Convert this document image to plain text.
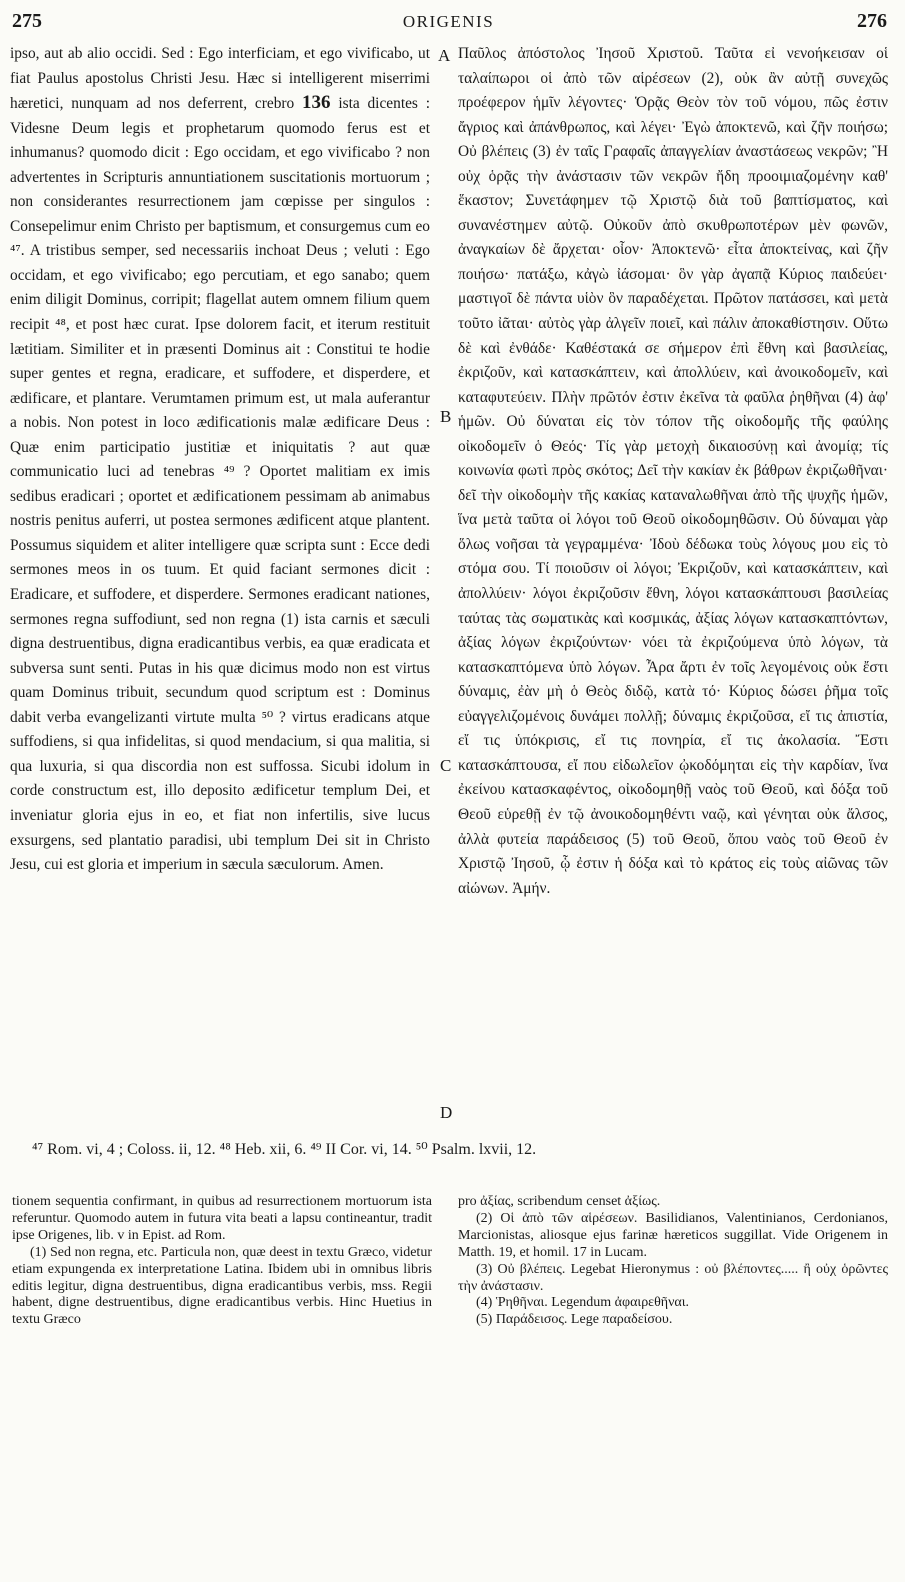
275	ORIGENIS	276

ipso, aut ab alio occidi. Sed : Ego interficiam, et ego vivificabo, ut fiat Paulus apostolus Christi Jesu. Hæc si intelligerent miserrimi hæretici, nunquam ad nos deferrent, crebro 136 ista dicentes : Videsne Deum legis et prophetarum quomodo ferus est et inhumanus? quomodo dicit : Ego occidam, et ego vivificabo ? non advertentes in Scripturis annuntiationem suscitationis mortuorum ; non considerantes resurrectionem jam cœpisse per singulos : Consepelimur enim Christo per baptismum, et consurgemus cum eo ⁴⁷. A tristibus semper, sed necessariis inchoat Deus ; veluti : Ego occidam, et ego vivificabo; ego percutiam, et ego sanabo; quem enim diligit Dominus, corripit; flagellat autem omnem filium quem recipit ⁴⁸, et post hæc curat. Ipse dolorem facit, et iterum restituit lætitiam. Similiter et in præsenti Dominus ait : Constitui te hodie super gentes et regna, eradicare, et suffodere, et disperdere, et ædificare, et plantare. Verumtamen primum est, ut mala auferantur a nobis. Non potest in loco ædificationis malæ ædificare Deus : Quæ enim participatio justitiæ et iniquitatis ? aut quæ communicatio luci ad tenebras ⁴⁹ ? Oportet malitiam ex imis sedibus eradicari ; oportet et ædificationem pessimam ab animabus nostris penitus auferri, ut postea sermones ædificent atque plantent. Possumus siquidem et aliter intelligere quæ scripta sunt : Ecce dedi sermones meos in os tuum. Et quid faciant sermones dicit : Eradicare, et suffodere, et disperdere. Sermones eradicant nationes, sermones regna suffodiunt, sed non regna (1) ista carnis et sæculi digna destruentibus, digna eradicantibus verbis, ea quæ eradicata et subversa sunt senti. Putas in his quæ dicimus modo non est virtus quam Dominus tribuit, secundum quod scriptum est : Dominus dabit verba evangelizanti virtute multa ⁵⁰ ? virtus eradicans atque suffodiens, si qua infidelitas, si quod mendacium, si qua malitia, si qua luxuria, si qua discordia non est suffossa. Sicubi idolum in corde constructum est, illo deposito ædificetur templum Dei, et inveniatur gloria ejus in eo, et fiat non infertilis, sive lucus exsurgens, sed plantatio paradisi, ubi templum Dei sit in Christo Jesu, cui est gloria et imperium in sæcula sæculorum. Amen.

A
B
C
D

Παῦλος ἀπόστολος Ἰησοῦ Χριστοῦ. Ταῦτα εἰ νενοήκεισαν οἱ ταλαίπωροι οἱ ἀπὸ τῶν αἱρέσεων (2), οὐκ ἂν αὐτῇ συνεχῶς προέφερον ἡμῖν λέγοντες· Ὁρᾷς Θεὸν τὸν τοῦ νόμου, πῶς ἐστιν ἄγριος καὶ ἀπάνθρωπος, καὶ λέγει· Ἐγὼ ἀποκτενῶ, καὶ ζῆν ποιήσω; Οὐ βλέπεις (3) ἐν ταῖς Γραφαῖς ἀπαγγελίαν ἀναστάσεως νεκρῶν; Ἢ οὐχ ὁρᾷς τὴν ἀνάστασιν τῶν νεκρῶν ἤδη προοιμιαζομένην καθ' ἕκαστον; Συνετάφημεν τῷ Χριστῷ διὰ τοῦ βαπτίσματος, καὶ συνανέστημεν αὐτῷ. Οὐκοῦν ἀπὸ σκυθρωποτέρων μὲν φωνῶν, ἀναγκαίων δὲ ἄρχεται· οἷον· Ἀποκτενῶ· εἶτα ἀποκτείνας, καὶ ζῆν ποιήσω· πατάξω, κἀγὼ ἰάσομαι· ὃν γὰρ ἀγαπᾷ Κύριος παιδεύει· μαστιγοῖ δὲ πάντα υἱὸν ὃν παραδέχεται. Πρῶτον πατάσσει, καὶ μετὰ τοῦτο ἰᾶται· αὐτὸς γὰρ ἀλγεῖν ποιεῖ, καὶ πάλιν ἀποκαθίστησιν. Οὕτω δὲ καὶ ἐνθάδε· Καθέστακά σε σήμερον ἐπὶ ἔθνη καὶ βασιλείας, ἐκριζοῦν, καὶ κατασκάπτειν, καὶ ἀπολλύειν, καὶ ἀνοικοδομεῖν, καὶ καταφυτεύειν. Πλὴν πρῶτόν ἐστιν ἐκεῖνα τὰ φαῦλα ῥηθῆναι (4) ἀφ' ἡμῶν. Οὐ δύναται εἰς τὸν τόπον τῆς οἰκοδομῆς τῆς φαύλης οἰκοδομεῖν ὁ Θεός· Τίς γὰρ μετοχὴ δικαιοσύνῃ καὶ ἀνομίᾳ; τίς κοινωνία φωτὶ πρὸς σκότος; Δεῖ τὴν κακίαν ἐκ βάθρων ἐκριζωθῆναι· δεῖ τὴν οἰκοδομὴν τῆς κακίας καταναλωθῆναι ἀπὸ τῆς ψυχῆς ἡμῶν, ἵνα μετὰ ταῦτα οἱ λόγοι τοῦ Θεοῦ οἰκοδομηθῶσιν. Οὐ δύναμαι γὰρ ὅλως νοῆσαι τὰ γεγραμμένα· Ἰδοὺ δέδωκα τοὺς λόγους μου εἰς τὸ στόμα σου. Τί ποιοῦσιν οἱ λόγοι; Ἐκριζοῦν, καὶ κατασκάπτειν, καὶ ἀπολλύειν· λόγοι ἐκριζοῦσιν ἔθνη, λόγοι κατασκάπτουσι βασιλείας ταύτας τὰς σωματικὰς καὶ κοσμικάς, ἀξίας λόγων κατασκαπτόντων, ἀξίας λόγων ἐκριζούντων· νόει τὰ ἐκριζούμενα ὑπὸ λόγων, τὰ κατασκαπτόμενα ὑπὸ λόγων. Ἆρα ἄρτι ἐν τοῖς λεγομένοις οὐκ ἔστι δύναμις, ἐὰν μὴ ὁ Θεὸς διδῷ, κατὰ τό· Κύριος δώσει ῥῆμα τοῖς εὐαγγελιζομένοις δυνάμει πολλῇ; δύναμις ἐκριζοῦσα, εἴ τις ἀπιστία, εἴ τις ὑπόκρισις, εἴ τις πονηρία, εἴ τις ἀκολασία. Ἔστι κατασκάπτουσα, εἴ που εἰδωλεῖον ᾠκοδόμηται εἰς τὴν καρδίαν, ἵνα ἐκείνου κατασκαφέντος, οἰκοδομηθῇ ναὸς τοῦ Θεοῦ, καὶ δόξα τοῦ Θεοῦ εὑρεθῇ ἐν τῷ ἀνοικοδομηθέντι ναῷ, καὶ γένηται οὐκ ἄλσος, ἀλλὰ φυτεία παράδεισος (5) τοῦ Θεοῦ, ὅπου ναὸς τοῦ Θεοῦ ἐν Χριστῷ Ἰησοῦ, ᾧ ἐστιν ἡ δόξα καὶ τὸ κράτος εἰς τοὺς αἰῶνας τῶν αἰώνων. Ἀμήν.

⁴⁷ Rom. vi, 4 ; Coloss. ii, 12. ⁴⁸ Heb. xii, 6. ⁴⁹ II Cor. vi, 14. ⁵⁰ Psalm. lxvii, 12.

tionem sequentia confirmant, in quibus ad resurrectionem mortuorum ista referuntur. Quomodo autem in futura vita beati a lapsu contineantur, tradit ipse Origenes, lib. v in Epist. ad Rom.

(1) Sed non regna, etc. Particula non, quæ deest in textu Græco, videtur etiam expungenda ex interpretatione Latina. Ibidem ubi in omnibus libris editis legitur, digna destruentibus, digna eradicantibus verbis, mss. Regii habent, digne destruentibus, digne eradicantibus verbis. Hinc Huetius in textu Græco

pro ἀξίας, scribendum censet ἀξίως.

(2) Οἱ ἀπὸ τῶν αἱρέσεων. Basilidianos, Valentinianos, Cerdonianos, Marcionistas, aliosque ejus farinæ hæreticos suggillat. Vide Origenem in Matth. 19, et homil. 17 in Lucam.

(3) Οὐ βλέπεις. Legebat Hieronymus : οὐ βλέποντες..... ἢ οὐχ ὁρῶντες τὴν ἀνάστασιν.

(4) Ῥηθῆναι. Legendum ἀφαιρεθῆναι.

(5) Παράδεισος. Lege παραδείσου.
